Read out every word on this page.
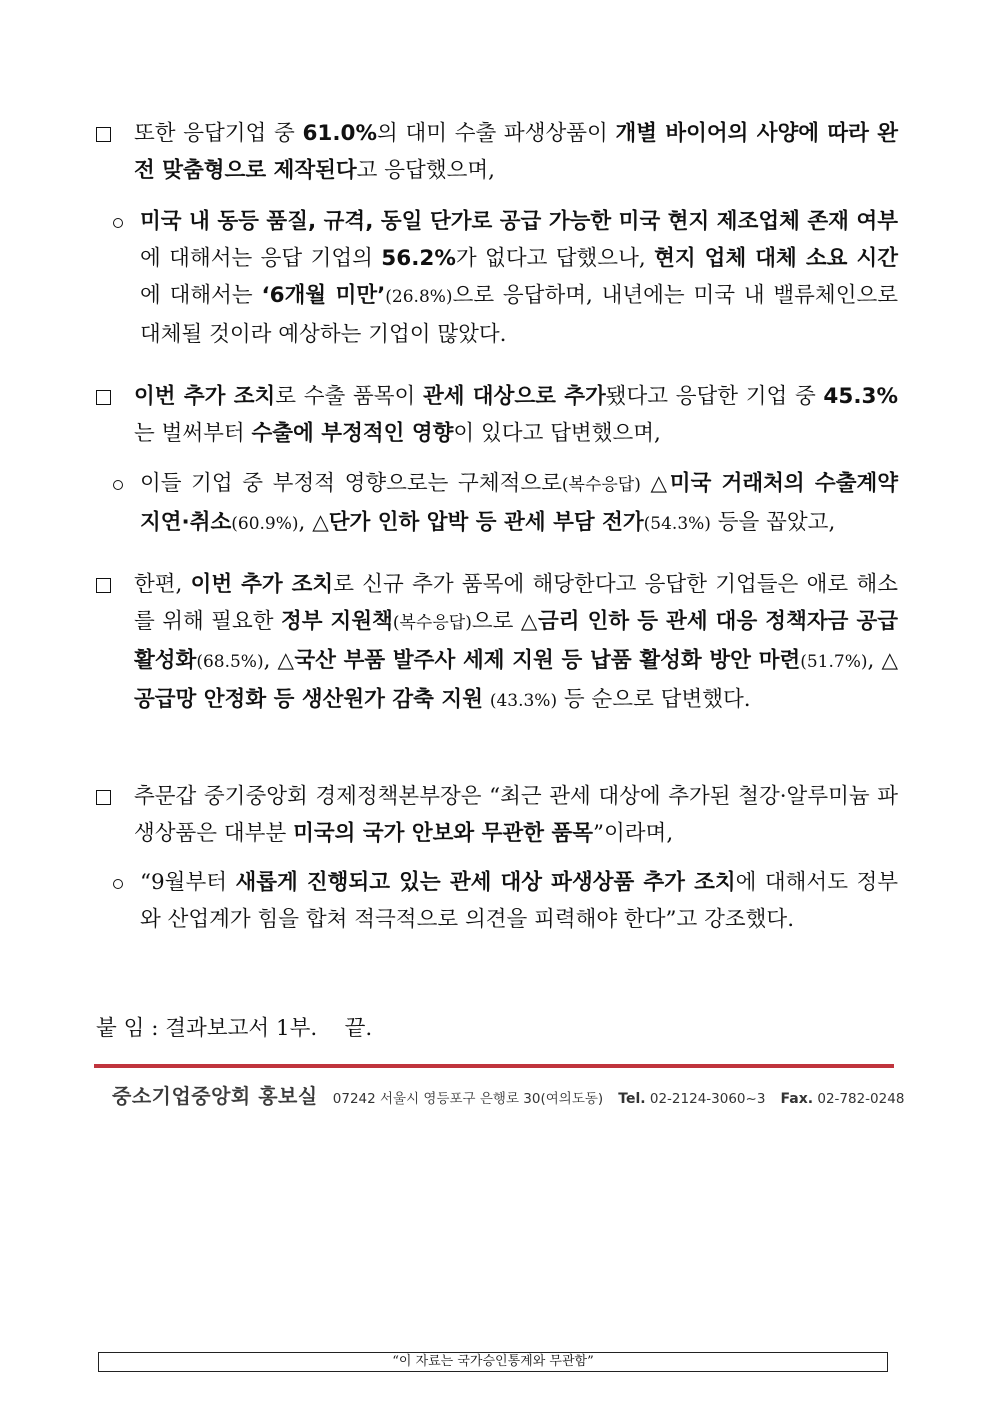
또한 응답기업 중 61.0%의 대미 수출 파생상품이 개별 바이어의 사양에 따라 완전 맞춤형으로 제작된다고 응답했으며,
미국 내 동등 품질, 규격, 동일 단가로 공급 가능한 미국 현지 제조업체 존재 여부에 대해서는 응답 기업의 56.2%가 없다고 답했으나, 현지 업체 대체 소요 시간에 대해서는 ‘6개월 미만’(26.8%)으로 응답하며, 내년에는 미국 내 밸류체인으로 대체될 것이라 예상하는 기업이 많았다.
이번 추가 조치로 수출 품목이 관세 대상으로 추가됐다고 응답한 기업 중 45.3%는 벌써부터 수출에 부정적인 영향이 있다고 답변했으며,
이들 기업 중 부정적 영향으로는 구체적으로(복수응답) △미국 거래처의 수출계약 지연·취소(60.9%), △단가 인하 압박 등 관세 부담 전가(54.3%) 등을 꼽았고,
한편, 이번 추가 조치로 신규 추가 품목에 해당한다고 응답한 기업들은 애로 해소를 위해 필요한 정부 지원책(복수응답)으로 △금리 인하 등 관세 대응 정책자금 공급 활성화(68.5%), △국산 부품 발주사 세제 지원 등 납품 활성화 방안 마련(51.7%), △공급망 안정화 등 생산원가 감축 지원 (43.3%) 등 순으로 답변했다.
추문갑 중기중앙회 경제정책본부장은 “최근 관세 대상에 추가된 철강·알루미늄 파생상품은 대부분 미국의 국가 안보와 무관한 품목”이라며,
“9월부터 새롭게 진행되고 있는 관세 대상 파생상품 추가 조치에 대해서도 정부와 산업계가 힘을 합쳐 적극적으로 의견을 피력해야 한다”고 강조했다.
붙 임 : 결과보고서 1부.    끝.
중소기업중앙회 홍보실 07242 서울시 영등포구 은행로 30(여의도동) Tel. 02-2124-3060~3 Fax. 02-782-0248
“이 자료는 국가승인통계와 무관함”
